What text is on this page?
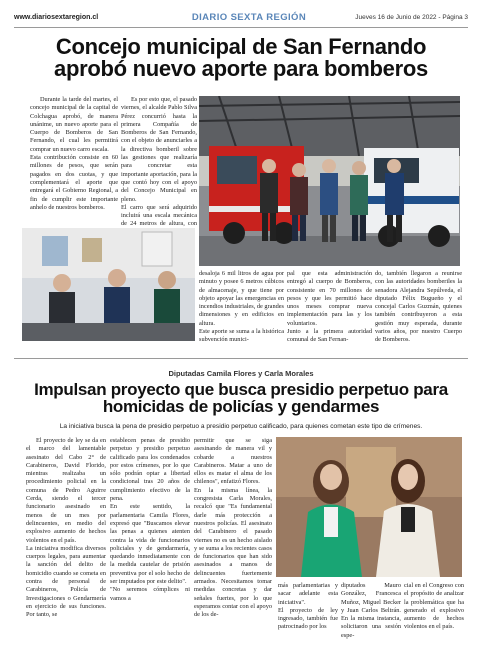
www.diariosextaregion.cl	DIARIO SEXTA REGIÓN	Jueves 16 de Junio de 2022 - Página 3
Concejo municipal de San Fernando
aprobó nuevo aporte para bomberos

Durante la tarde del martes, el concejo municipal de la capital de Colchagua aprobó, de manera unánime, un nuevo aporte para el Cuerpo de Bomberos de San Fernando, el cual les permitirá comprar un nuevo carro escala.
Esta contribución consiste en 60 millones de pesos, que serán pagados en dos cuotas, y que complementará el aporte que entregará el Gobierno Regional, a fin de cumplir este importante anhelo de nuestros bomberos.

Es por esto que, el pasado viernes, el alcalde Pablo Silva Pérez concurrió hasta la primera Compañía de Bomberos de San Fernando, con el objeto de anunciarles a la directiva bomberil sobre las gestiones que realizaría para concretar esta importante aportación, para la que contó hoy con el apoyo del Concejo Municipal en pleno.
El carro que será adquirido incluirá una escala mecánica de 24 metros de altura, con

desaloja 6 mil litros de agua por minuto y posee 6 metros cúbicos de almacenaje, y que tiene por objeto apoyar las emergencias en incendios industriales, de grandes dimensiones y en edificios en altura.
Este aporte se suma a la histórica subvención munici-

pal que esta administración entregó al cuerpo de Bomberos, consistente en 70 millones de pesos y que les permitió hace unos meses comprar nueva implementación para las y los voluntarios.
Junto a la primera autoridad comunal de San Fernan-

do, también llegaron a reunirse con las autoridades bomberiles la senadora Alejandra Sepúlveda, el diputado Félix Bugueño y el concejal Carlos Guzmán, quienes también contribuyeron a esta gestión muy esperada, durante varios años, por nuestro Cuerpo de Bomberos.

Diputadas Camila Flores y Carla Morales
Impulsan proyecto que busca presidio perpetuo para
homicidas de policías y gendarmes
La iniciativa busca la pena de presidio perpetuo a presidio perpetuo calificado, para quienes cometan este tipo de crímenes.

El proyecto de ley se da en el marco del lamentable asesinato del Cabo 2° de Carabineros, David Florido, mientras realizaba un procedimiento policial en la comuna de Pedro Aguirre Cerda, siendo el tercer funcionario asesinado en menos de un mes por delincuentes, en medio del explosivo aumento de hechos violentos en el país.
La iniciativa modifica diversos cuerpos legales, para aumentar la sanción del delito de homicidio cuando se cometa en contra de personal de Carabineros, Policía de Investigaciones o Gendarmería en ejercicio de sus funciones. Por tanto, se

establecen penas de presidio perpetuo y presidio perpetuo calificado para los condenados por estos crímenes, por lo que sólo podrán optar a libertad condicional tras 20 años de cumplimiento efectivo de la pena.
En este sentido, la parlamentaria Camila Flores, expresó que "Buscamos elevar las penas a quienes atenten contra la vida de funcionarios policiales y de gendarmería, quedando inmediatamente con la medida cautelar de prisión preventiva por el solo hecho de ser imputados por este delito".
"No seremos cómplices ni vamos a

permitir que se siga asesinando de manera vil y cobarde a nuestros Carabineros. Matar a uno de ellos es matar el alma de los chilenos", enfatizó Flores.
En la misma línea, la congresista Carla Morales, recalcó que "Es fundamental darle más protección a nuestros policías. El asesinato del Carabinero el pasado viernes no es un hecho aislado y se suma a los recientes casos de funcionarios que han sido asesinados a manos de delincuentes fuertemente armados. Necesitamos tomar medidas concretas y dar señales fuertes, por lo que esperamos contar con el apoyo de los de-

más parlamentarias y sacar adelante esta iniciativa".
El proyecto de ley ingresado, también fue patrocinado por los

diputados Mauro González, Francesca Muñoz, Miguel Becker y Juan Carlos Beltrán. En la misma instancia, solicitaron una sesión espe-

cial en el Congreso con el propósito de analizar la problemática que ha generado el explosivo aumento de hechos violentos en el país.
